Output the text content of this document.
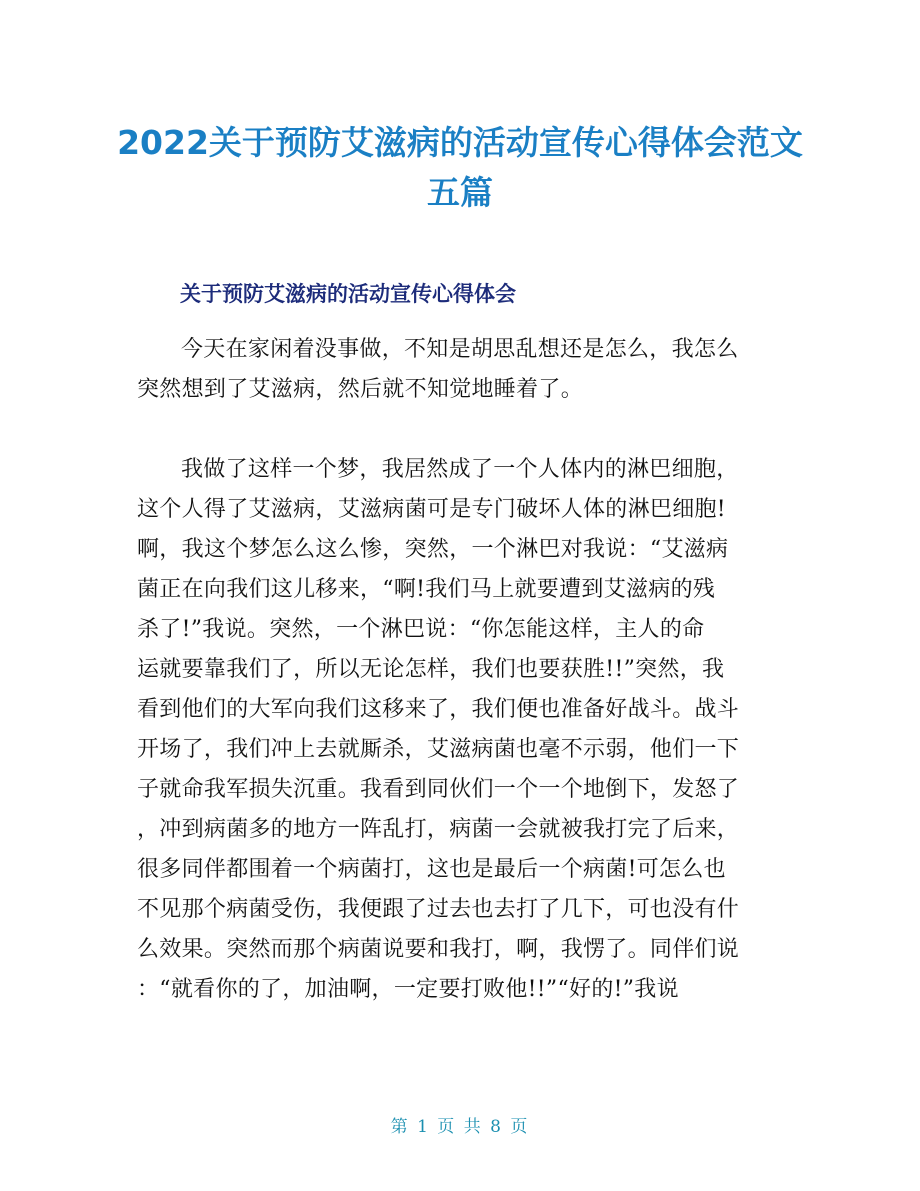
2022关于预防艾滋病的活动宣传心得体会范文
五篇
关于预防艾滋病的活动宣传心得体会
今天在家闲着没事做，不知是胡思乱想还是怎么，我怎么
突然想到了艾滋病，然后就不知觉地睡着了。
我做了这样一个梦，我居然成了一个人体内的淋巴细胞，
这个人得了艾滋病，艾滋病菌可是专门破坏人体的淋巴细胞!
啊，我这个梦怎么这么惨，突然，一个淋巴对我说：“艾滋病
菌正在向我们这儿移来，“啊!我们马上就要遭到艾滋病的残
杀了!”我说。突然，一个淋巴说：“你怎能这样，主人的命
运就要靠我们了，所以无论怎样，我们也要获胜!!”突然，我
看到他们的大军向我们这移来了，我们便也准备好战斗。战斗
开场了，我们冲上去就厮杀，艾滋病菌也毫不示弱，他们一下
子就命我军损失沉重。我看到同伙们一个一个地倒下，发怒了
，冲到病菌多的地方一阵乱打，病菌一会就被我打完了后来，
很多同伴都围着一个病菌打，这也是最后一个病菌!可怎么也
不见那个病菌受伤，我便跟了过去也去打了几下，可也没有什
么效果。突然而那个病菌说要和我打，啊，我愣了。同伴们说
：“就看你的了，加油啊，一定要打败他!!”“好的!”我说
第 1 页 共 8 页
